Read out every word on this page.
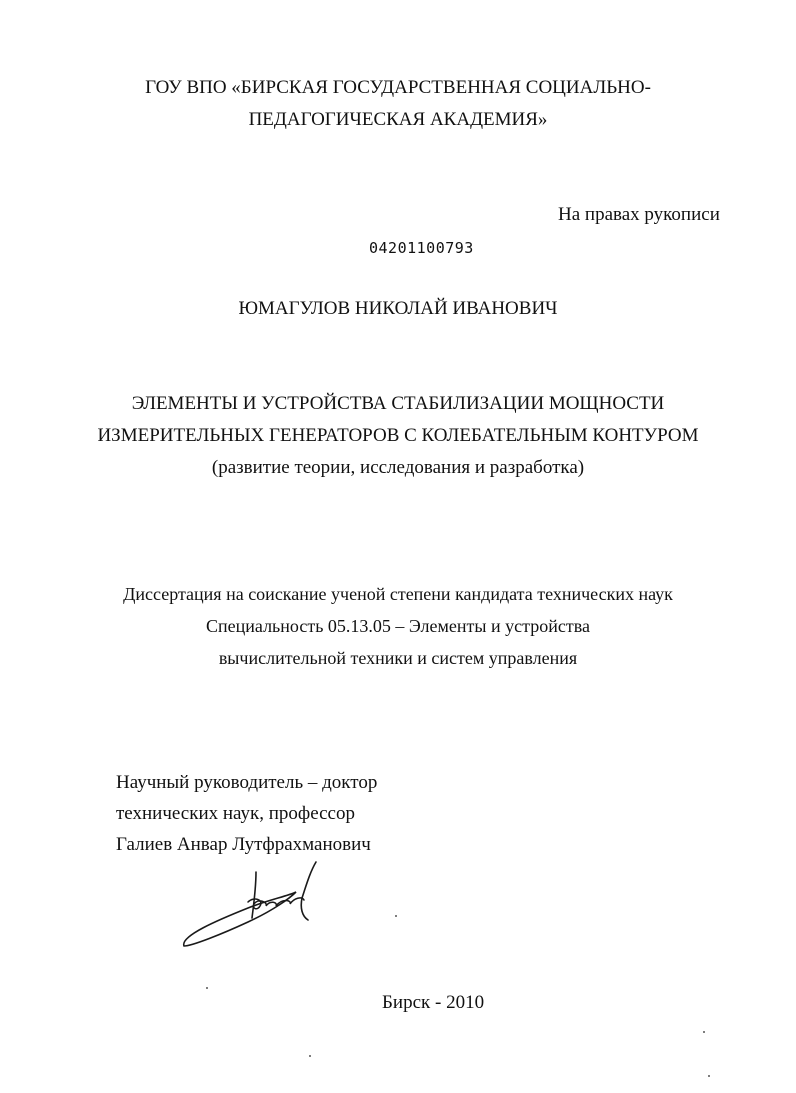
ГОУ ВПО «БИРСКАЯ ГОСУДАРСТВЕННАЯ СОЦИАЛЬНО-
ПЕДАГОГИЧЕСКАЯ АКАДЕМИЯ»
На правах рукописи
04201100793
ЮМАГУЛОВ НИКОЛАЙ ИВАНОВИЧ
ЭЛЕМЕНТЫ И УСТРОЙСТВА СТАБИЛИЗАЦИИ МОЩНОСТИ
ИЗМЕРИТЕЛЬНЫХ ГЕНЕРАТОРОВ С КОЛЕБАТЕЛЬНЫМ КОНТУРОМ
(развитие теории, исследования и разработка)
Диссертация на соискание ученой степени кандидата технических наук
Специальность 05.13.05 – Элементы и устройства
вычислительной техники и систем управления
Научный руководитель – доктор
технических наук, профессор
Галиев Анвар Лутфрахманович
Бирск - 2010
